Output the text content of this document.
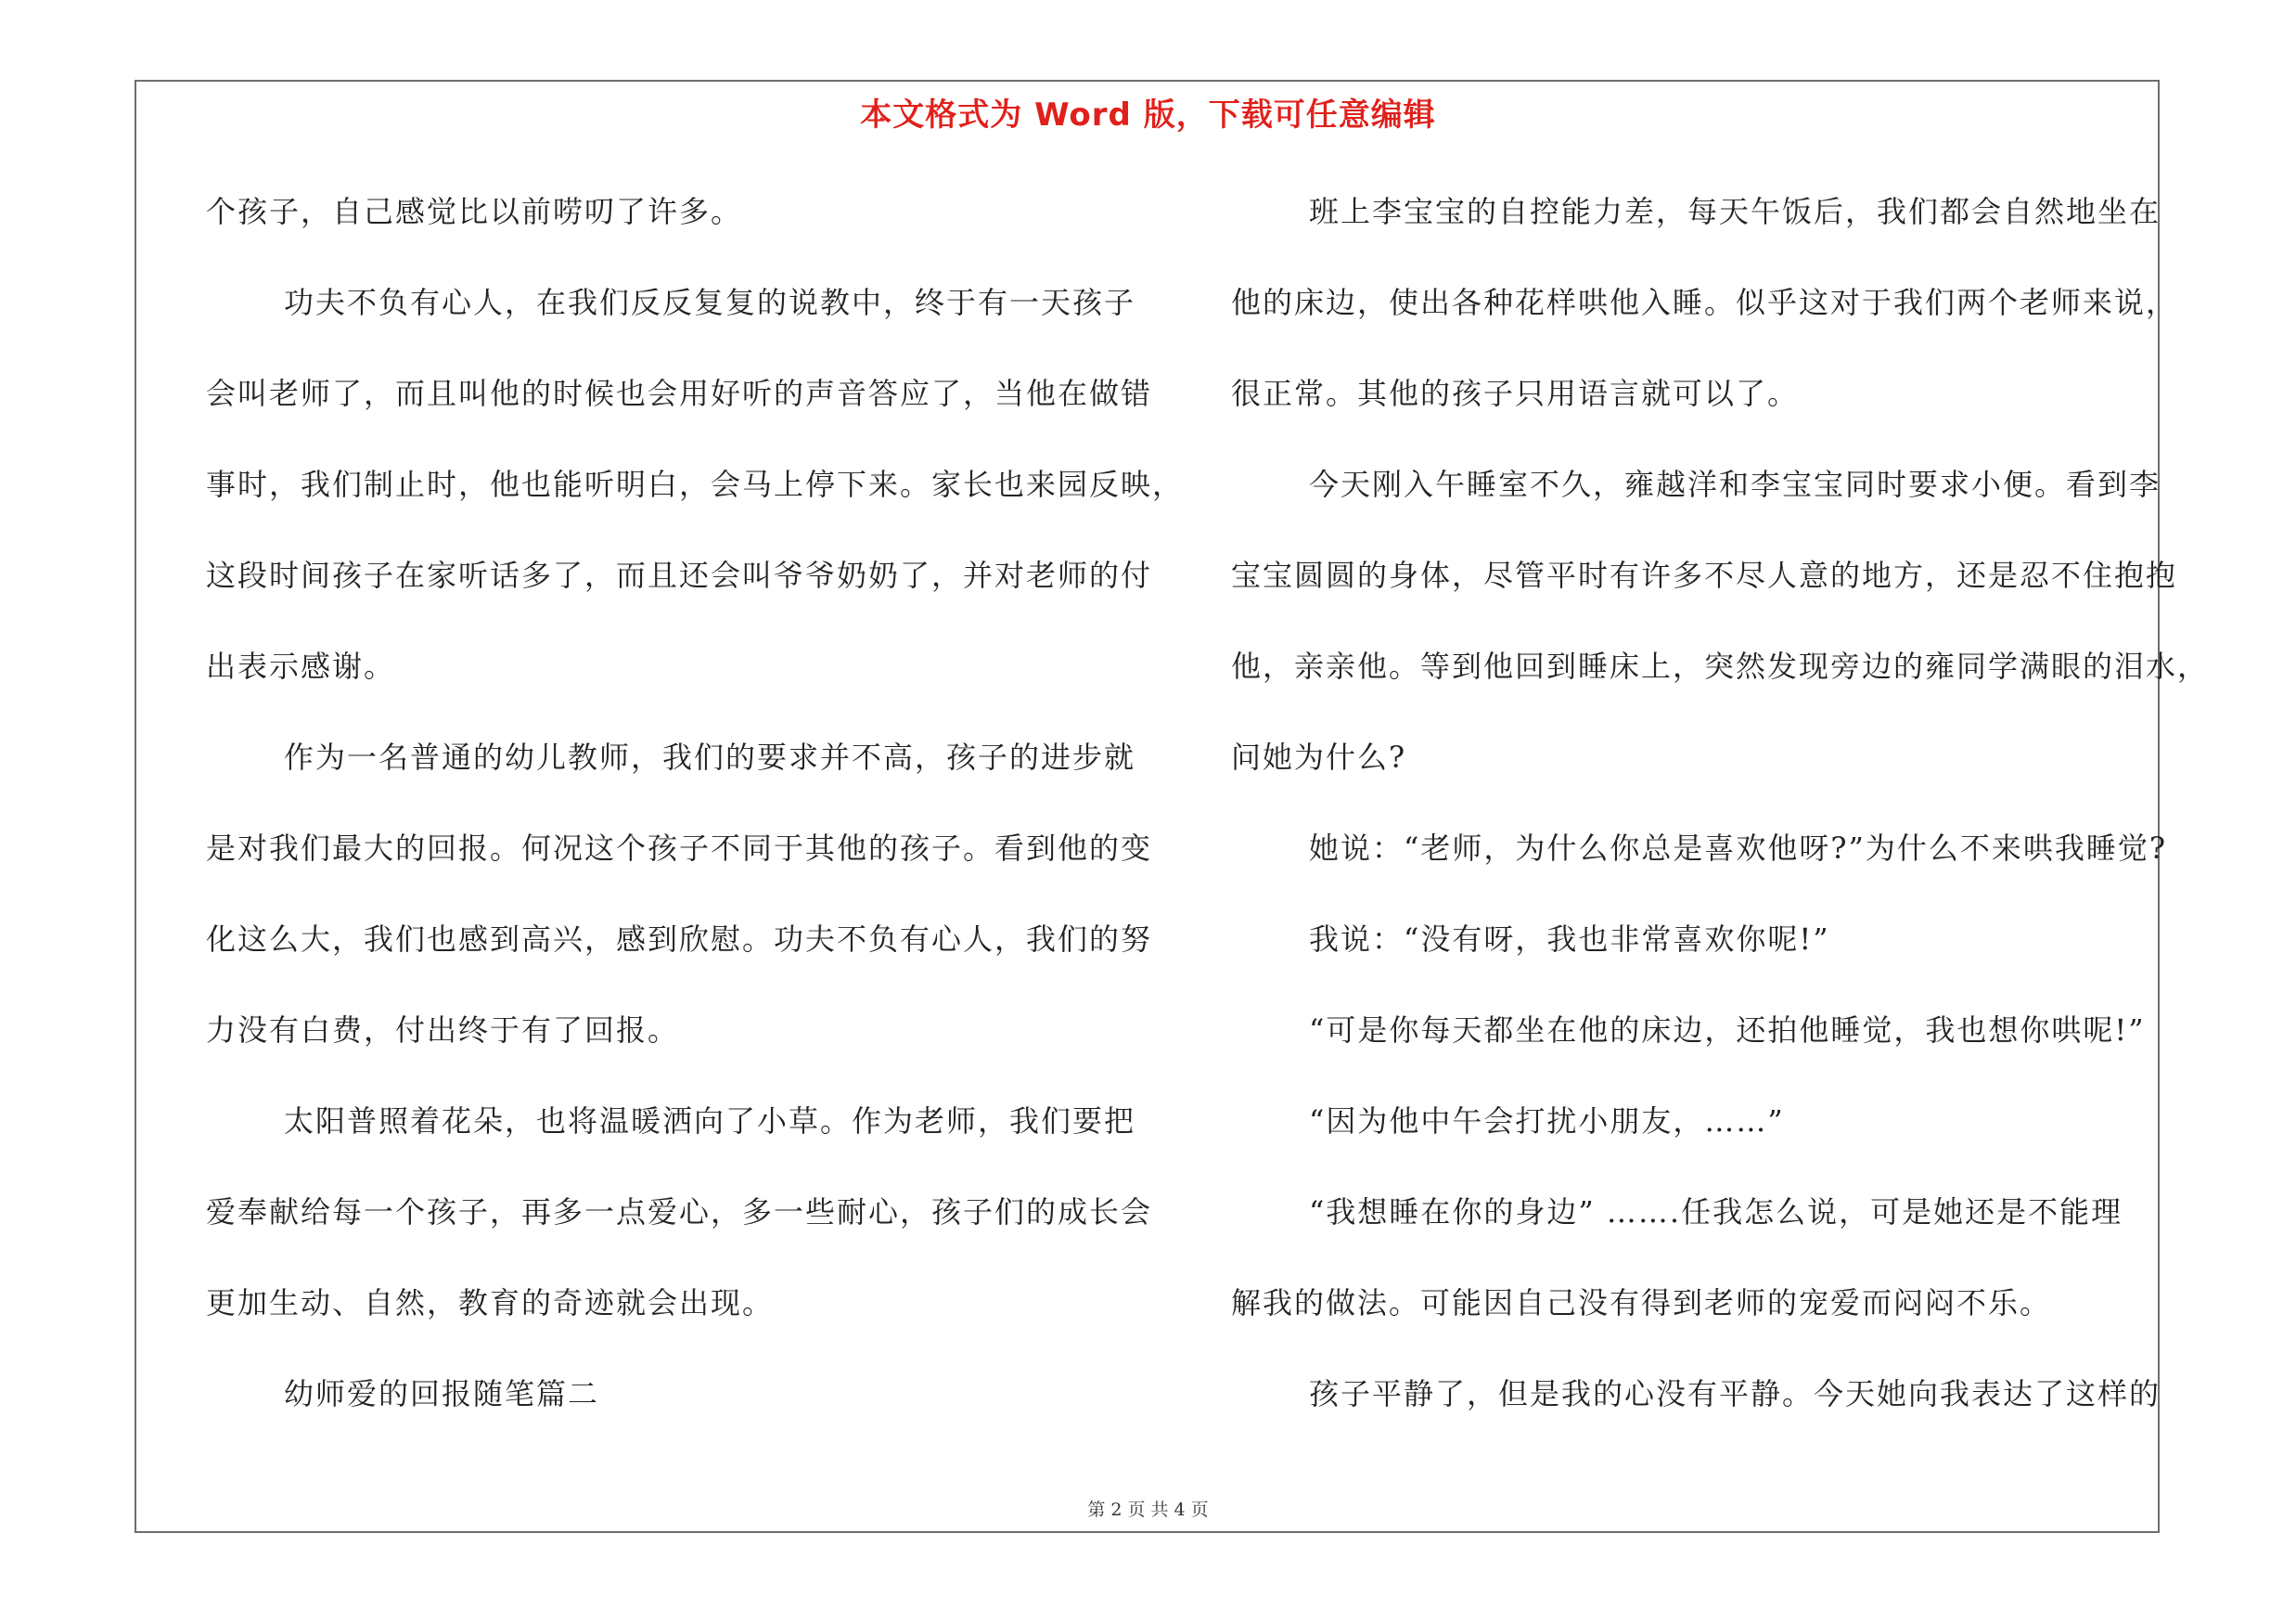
本文格式为 Word 版，下载可任意编辑
个孩子，自己感觉比以前唠叨了许多。
功夫不负有心人，在我们反反复复的说教中，终于有一天孩子
会叫老师了，而且叫他的时候也会用好听的声音答应了，当他在做错
事时，我们制止时，他也能听明白，会马上停下来。家长也来园反映，
这段时间孩子在家听话多了，而且还会叫爷爷奶奶了，并对老师的付
出表示感谢。
作为一名普通的幼儿教师，我们的要求并不高，孩子的进步就
是对我们最大的回报。何况这个孩子不同于其他的孩子。看到他的变
化这么大，我们也感到高兴，感到欣慰。功夫不负有心人，我们的努
力没有白费，付出终于有了回报。
太阳普照着花朵，也将温暖洒向了小草。作为老师，我们要把
爱奉献给每一个孩子，再多一点爱心，多一些耐心，孩子们的成长会
更加生动、自然，教育的奇迹就会出现。
幼师爱的回报随笔篇二
班上李宝宝的自控能力差，每天午饭后，我们都会自然地坐在
他的床边，使出各种花样哄他入睡。似乎这对于我们两个老师来说，
很正常。其他的孩子只用语言就可以了。
今天刚入午睡室不久，雍越洋和李宝宝同时要求小便。看到李
宝宝圆圆的身体，尽管平时有许多不尽人意的地方，还是忍不住抱抱
他，亲亲他。等到他回到睡床上，突然发现旁边的雍同学满眼的泪水，
问她为什么?
她说：“老师，为什么你总是喜欢他呀?”为什么不来哄我睡觉?
我说：“没有呀，我也非常喜欢你呢!”
“可是你每天都坐在他的床边，还拍他睡觉，我也想你哄呢!”
“因为他中午会打扰小朋友，……”
“我想睡在你的身边” …….任我怎么说，可是她还是不能理
解我的做法。可能因自己没有得到老师的宠爱而闷闷不乐。
孩子平静了，但是我的心没有平静。今天她向我表达了这样的
第 2 页 共 4 页
